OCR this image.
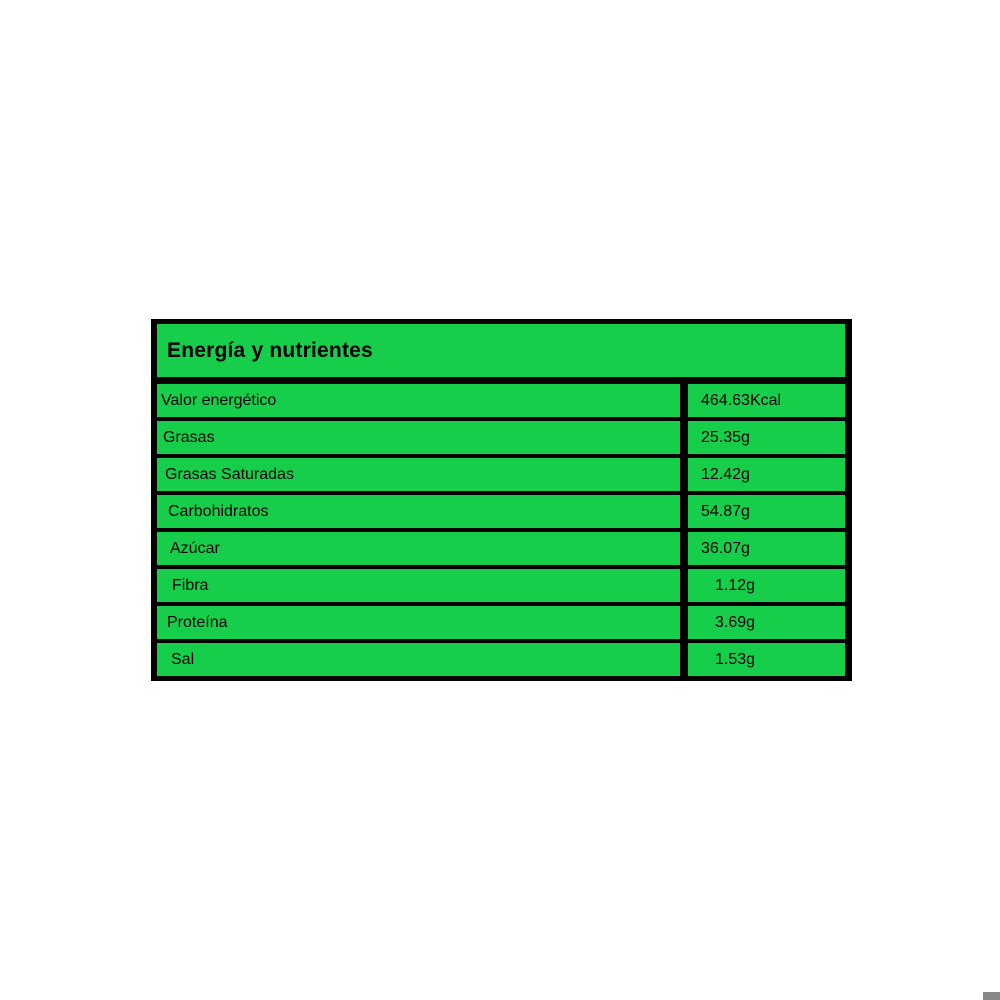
Energía y nutrientes
Valor energético	464.63Kcal
Grasas	25.35g
Grasas Saturadas	12.42g
Carbohidratos	54.87g
Azúcar	36.07g
Fibra	1.12g
Proteína	3.69g
Sal	1.53g
